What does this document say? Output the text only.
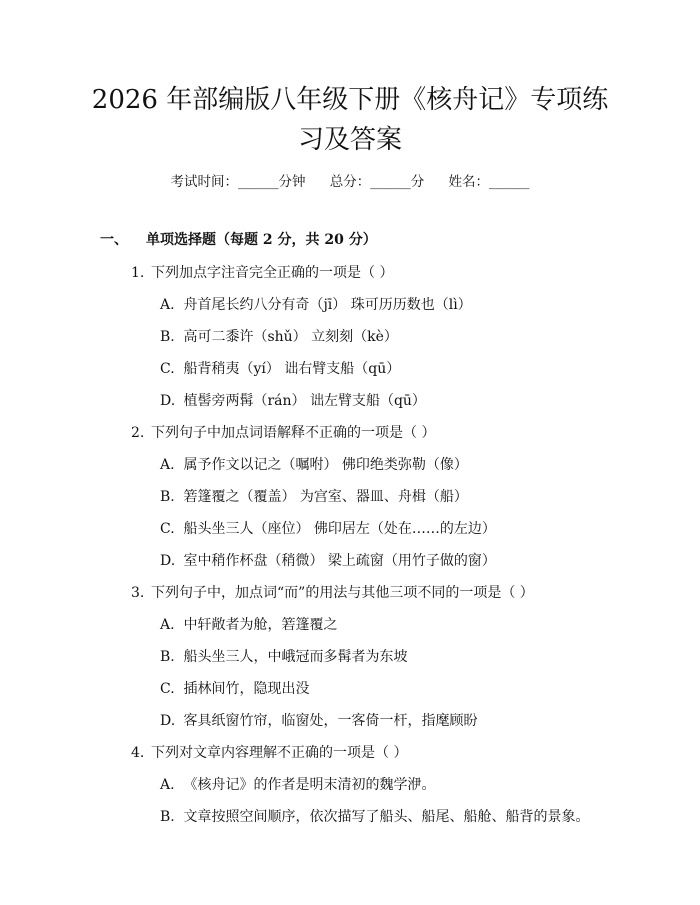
2026 年部编版八年级下册《核舟记》专项练
习及答案
考试时间：______分钟 总分：______分 姓名：______
一、 单项选择题（每题 2 分，共 20 分）
1. 下列加点字注音完全正确的一项是（ ）
A. 舟首尾长约八分有奇（jī） 珠可历历数也（lì）
B. 高可二黍许（shǔ） 立刻刻（kè）
C. 船背稍夷（yí） 诎右臂支船（qū）
D. 植髻旁两髯（rán） 诎左臂支船（qū）
2. 下列句子中加点词语解释不正确的一项是（ ）
A. 属予作文以记之（嘱咐） 佛印绝类弥勒（像）
B. 箬篷覆之（覆盖） 为宫室、器皿、舟楫（船）
C. 船头坐三人（座位） 佛印居左（处在……的左边）
D. 室中稍作杯盘（稍微） 梁上疏窗（用竹子做的窗）
3. 下列句子中，加点词“而”的用法与其他三项不同的一项是（ ）
A. 中轩敞者为舱，箬篷覆之
B. 船头坐三人，中峨冠而多髯者为东坡
C. 插林间竹，隐现出没
D. 客具纸窗竹帘，临窗处，一客倚一杆，指麾顾盼
4. 下列对文章内容理解不正确的一项是（ ）
A. 《核舟记》的作者是明末清初的魏学洢。
B. 文章按照空间顺序，依次描写了船头、船尾、船舱、船背的景象。
